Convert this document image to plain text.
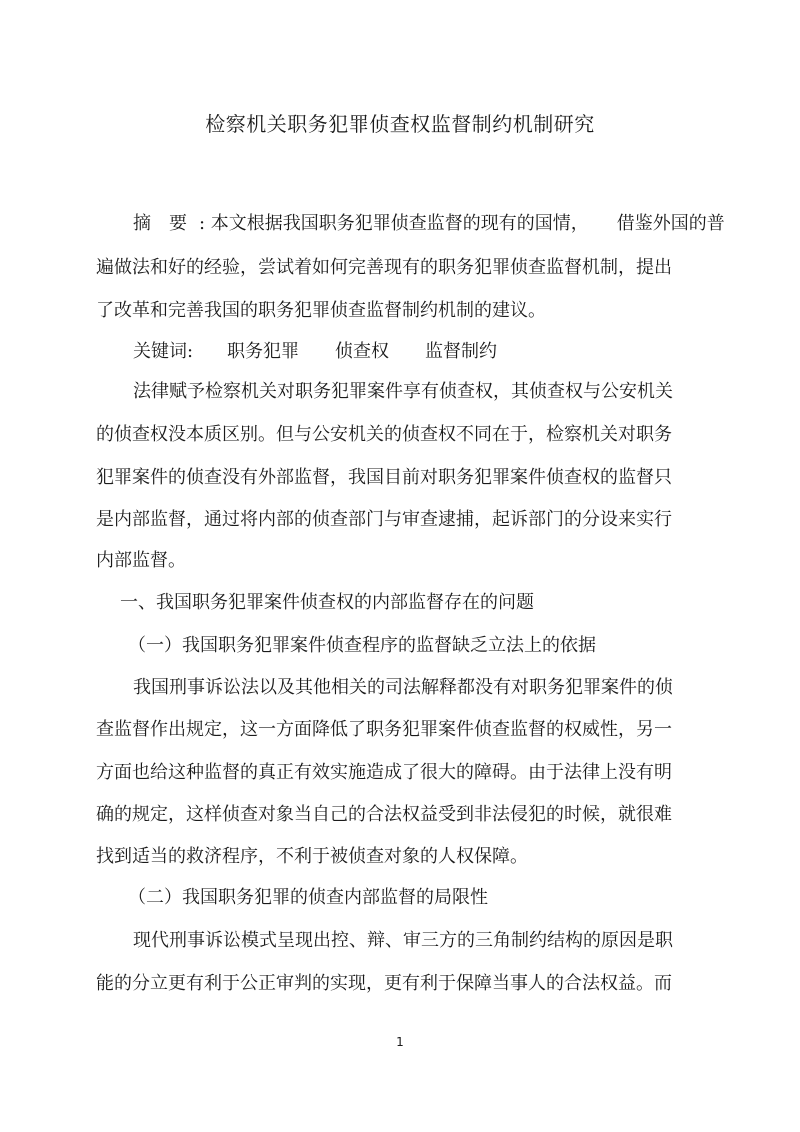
检察机关职务犯罪侦查权监督制约机制研究
摘　要 : 本文根据我国职务犯罪侦查监督的现有的国情， 借鉴外国的普
遍做法和好的经验，尝试着如何完善现有的职务犯罪侦查监督机制，提出
了改革和完善我国的职务犯罪侦查监督制约机制的建议。
关键词: 职务犯罪 侦查权 监督制约
法律赋予检察机关对职务犯罪案件享有侦查权，其侦查权与公安机关
的侦查权没本质区别。但与公安机关的侦查权不同在于，检察机关对职务
犯罪案件的侦查没有外部监督，我国目前对职务犯罪案件侦查权的监督只
是内部监督，通过将内部的侦查部门与审查逮捕，起诉部门的分设来实行
内部监督。
一、我国职务犯罪案件侦查权的内部监督存在的问题
（一）我国职务犯罪案件侦查程序的监督缺乏立法上的依据
我国刑事诉讼法以及其他相关的司法解释都没有对职务犯罪案件的侦
查监督作出规定，这一方面降低了职务犯罪案件侦查监督的权威性，另一
方面也给这种监督的真正有效实施造成了很大的障碍。由于法律上没有明
确的规定，这样侦查对象当自己的合法权益受到非法侵犯的时候，就很难
找到适当的救济程序，不利于被侦查对象的人权保障。
（二）我国职务犯罪的侦查内部监督的局限性
现代刑事诉讼模式呈现出控、辩、审三方的三角制约结构的原因是职
能的分立更有利于公正审判的实现，更有利于保障当事人的合法权益。而
1
